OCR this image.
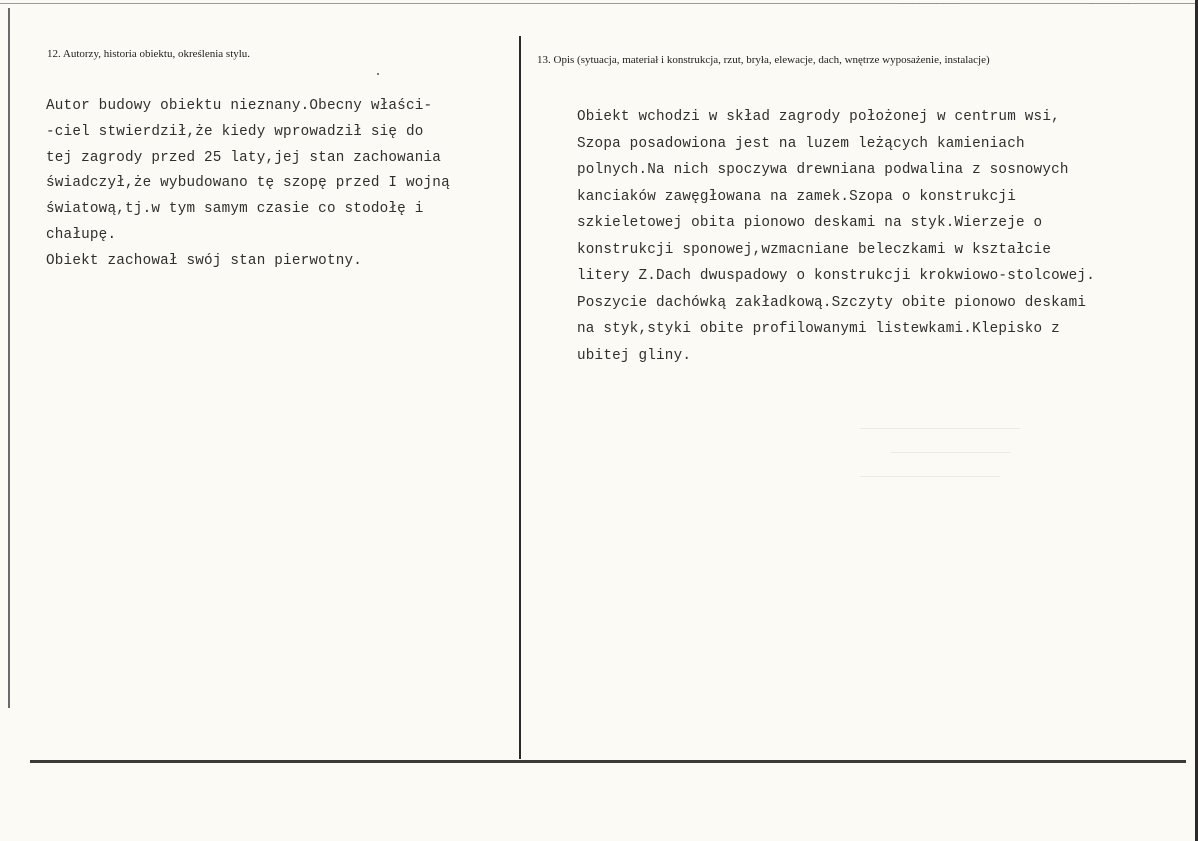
12. Autorzy, historia obiektu, określenia stylu.
Autor budowy obiektu nieznany.Obecny właści-
-ciel stwierdził,że kiedy wprowadził się do
tej zagrody przed 25 laty,jej stan zachowania
świadczył,że wybudowano tę szopę przed I wojną
światową,tj.w tym samym czasie co stodołę i
chałupę.
Obiekt zachował swój stan pierwotny.
13. Opis (sytuacja, materiał i konstrukcja, rzut, bryła, elewacje, dach, wnętrze wyposażenie, instalacje)
Obiekt wchodzi w skład zagrody położonej w centrum wsi,
Szopa posadowiona jest na luzem leżących kamieniach
polnych.Na nich spoczywa drewniana podwalina z sosnowych
kanciaków zawęgłowana na zamek.Szopa o konstrukcji
szkieletowej obita pionowo deskami na styk.Wierzeje o
konstrukcji sponowej,wzmacniane beleczkami w kształcie
litery Z.Dach dwuspadowy o konstrukcji krokwiowo-stolcowej.
Poszycie dachówką zakładkową.Szczyty obite pionowo deskami
na styk,styki obite profilowanymi listewkami.Klepisko z
ubitej gliny.
